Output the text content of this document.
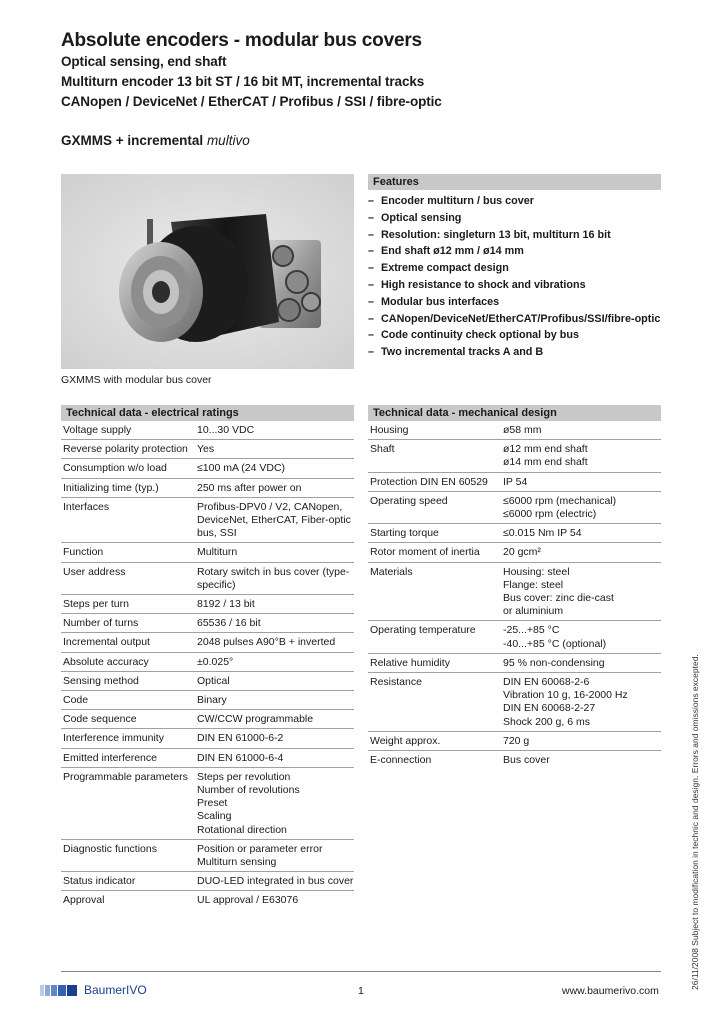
Absolute encoders - modular bus covers
Optical sensing, end shaft
Multiturn encoder 13 bit ST / 16 bit MT, incremental tracks
CANopen / DeviceNet / EtherCAT / Profibus / SSI / fibre-optic
GXMMS + incremental multivo
GXMMS with modular bus cover
Features
– Encoder multiturn / bus cover
– Optical sensing
– Resolution: singleturn 13 bit, multiturn 16 bit
– End shaft ø12 mm / ø14 mm
– Extreme compact design
– High resistance to shock and vibrations
– Modular bus interfaces
– CANopen/DeviceNet/EtherCAT/Profibus/SSI/fibre-optic
– Code continuity check optional by bus
– Two incremental tracks A and B
Technical data - electrical ratings
Voltage supply	10...30 VDC
Reverse polarity protection Yes
Consumption w/o load	≤100 mA (24 VDC)
Initializing time (typ.)	250 ms after power on
Interfaces	Profibus-DPV0 / V2, CANopen, DeviceNet, EtherCAT, Fiber-optic bus, SSI
Function	Multiturn
User address	Rotary switch in bus cover (type-specific)
Steps per turn	8192 / 13 bit
Number of turns	65536 / 16 bit
Incremental output	2048 pulses A90°B + inverted
Absolute accuracy	±0.025°
Sensing method	Optical
Code	Binary
Code sequence	CW/CCW programmable
Interference immunity	DIN EN 61000-6-2
Emitted interference	DIN EN 61000-6-4
Programmable parameters Steps per revolution
Number of revolutions
Preset
Scaling
Rotational direction
Diagnostic functions	Position or parameter error
Multiturn sensing
Status indicator	DUO-LED integrated in bus cover
Approval	UL approval / E63076
Technical data - mechanical design
Housing	ø58 mm
Shaft	ø12 mm end shaft
ø14 mm end shaft
Protection DIN EN 60529	IP 54
Operating speed	≤6000 rpm (mechanical)
≤6000 rpm (electric)
Starting torque	≤0.015 Nm IP 54
Rotor moment of inertia	20 gcm²
Materials	Housing: steel
Flange: steel
Bus cover: zinc die-cast
or aluminium
Operating temperature	-25...+85 °C
-40...+85 °C (optional)
Relative humidity	95 % non-condensing
Resistance	DIN EN 60068-2-6
Vibration 10 g, 16-2000 Hz
DIN EN 60068-2-27
Shock 200 g, 6 ms
Weight approx.	720 g
E-connection	Bus cover	26/11/2008 Subject to modification in technic and design. Errors and omissions excepted.
BaumerIVO	1	www.baumerivo.com
